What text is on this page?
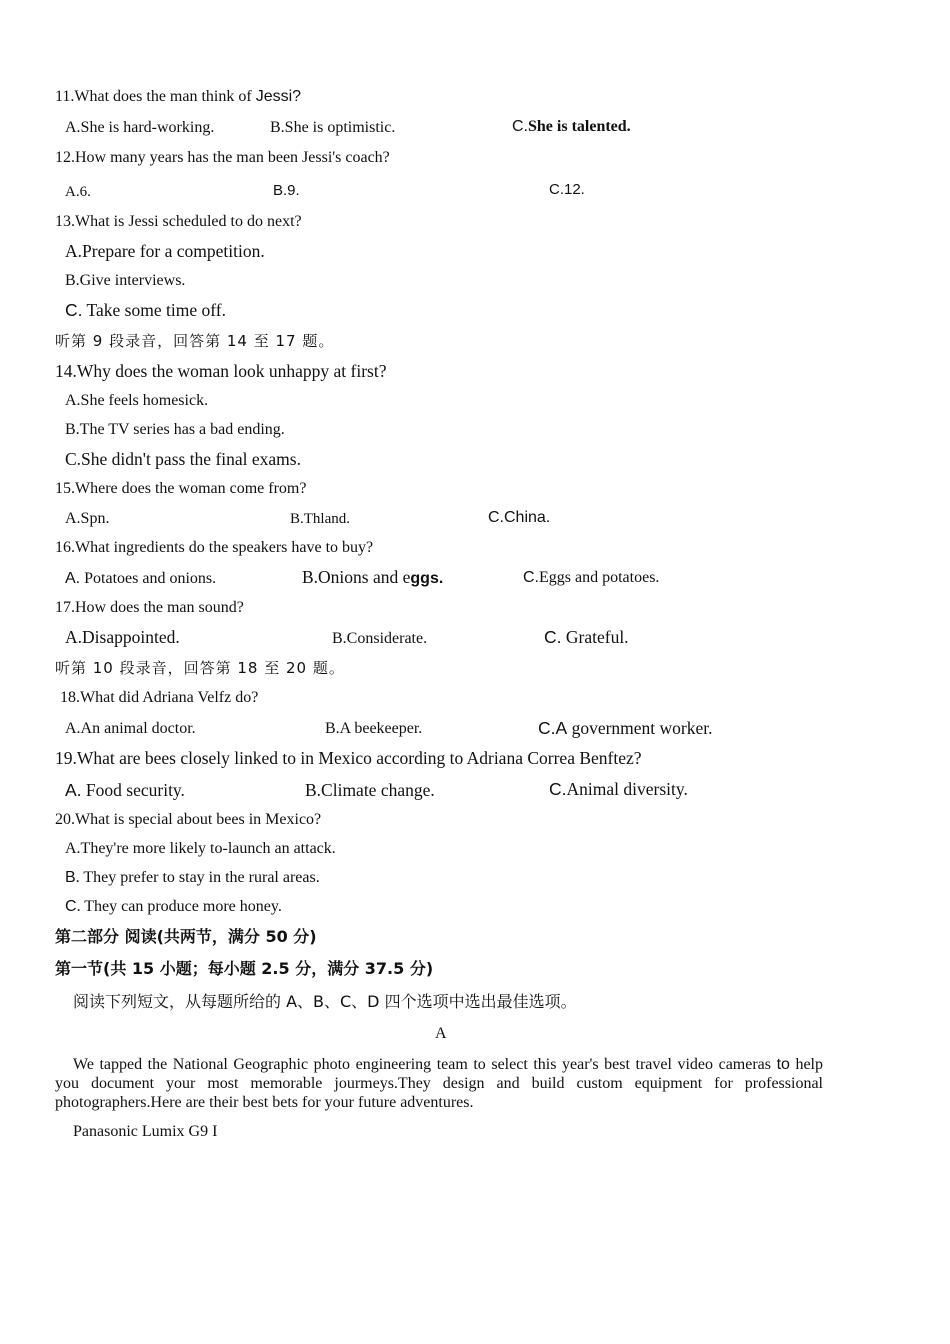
11.What does the man think of Jessi?
A.She is hard-working.	B.She is optimistic.	C.She is talented.
12.How many years has the man been Jessi's coach?
A.6.	B.9.	C.12.
13.What is Jessi scheduled to do next?
A.Prepare for a competition.
B.Give interviews.
C. Take some time off.
听第 9 段录音，回答第 14 至 17 题。
14.Why does the woman look unhappy at first?
A.She feels homesick.
B.The TV series has a bad ending.
C.She didn't pass the final exams.
15.Where does the woman come from?
A.Spn.	B.Thland.	C.China.
16.What ingredients do the speakers have to buy?
A. Potatoes and onions.	B.Onions and eggs.	C.Eggs and potatoes.
17.How does the man sound?
A.Disappointed.	B.Considerate.	C. Grateful.
听第 10 段录音，回答第 18 至 20 题。
18.What did Adriana Velfz do?
A.An animal doctor.	B.A beekeeper.	C.A government worker.
19.What are bees closely linked to in Mexico according to Adriana Correa Benftez?
A. Food security.	B.Climate change.	C.Animal diversity.
20.What is special about bees in Mexico?
A.They're more likely to-launch an attack.
B. They prefer to stay in the rural areas.
C. They can produce more honey.
第二部分 阅读(共两节，满分 50 分)
第一节(共 15 小题；每小题 2.5 分，满分 37.5 分)
阅读下列短文，从每题所给的 A、B、C、D 四个选项中选出最佳选项。
A
We tapped the National Geographic photo engineering team to select this year's best travel video cameras to help you document your most memorable jourmeys.They design and build custom equipment for professional photographers.Here are their best bets for your future adventures.
Panasonic Lumix G9 I
